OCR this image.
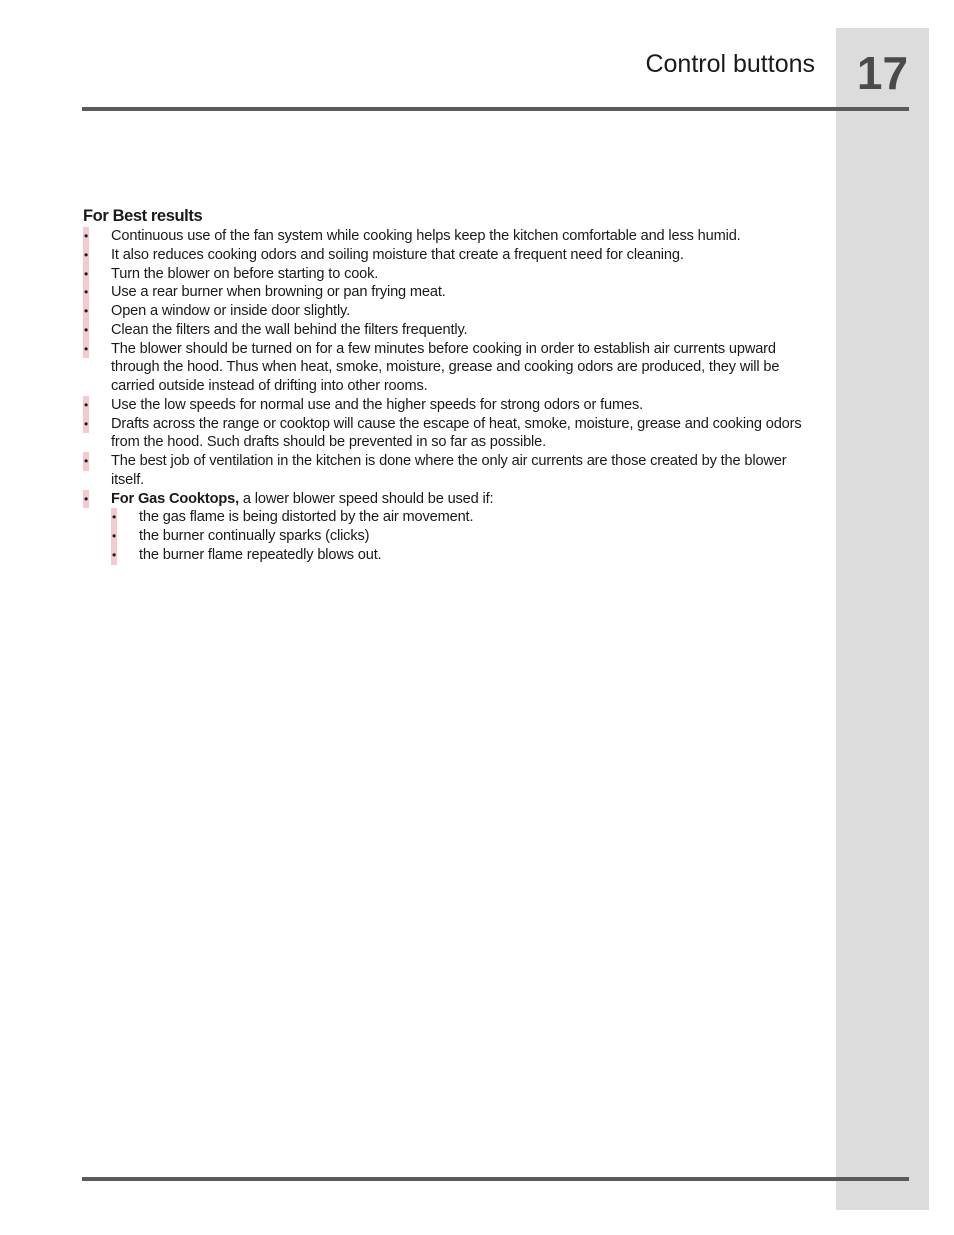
17
Control buttons
For Best results
• Continuous use of the fan system while cooking helps keep the kitchen comfortable and less humid.
• It also reduces cooking odors and soiling moisture that create a frequent need for cleaning.
• Turn the blower on before starting to cook.
• Use a rear burner when browning or pan frying meat.
• Open a window or inside door slightly.
• Clean the filters and the wall behind the filters frequently.
• The blower should be turned on for a few minutes before cooking in order to establish air currents upward through the hood. Thus when heat, smoke, moisture, grease and cooking odors are produced, they will be carried outside instead of drifting into other rooms.
• Use the low speeds for normal use and the higher speeds for strong odors or fumes.
• Drafts across the range or cooktop will cause the escape of heat, smoke, moisture, grease and cooking odors from the hood. Such drafts should be prevented in so far as possible.
• The best job of ventilation in the kitchen is done where the only air currents are those created by the blower itself.
• For Gas Cooktops, a lower blower speed should be used if:
• the gas flame is being distorted by the air movement.
• the burner continually sparks (clicks)
• the burner flame repeatedly blows out.
